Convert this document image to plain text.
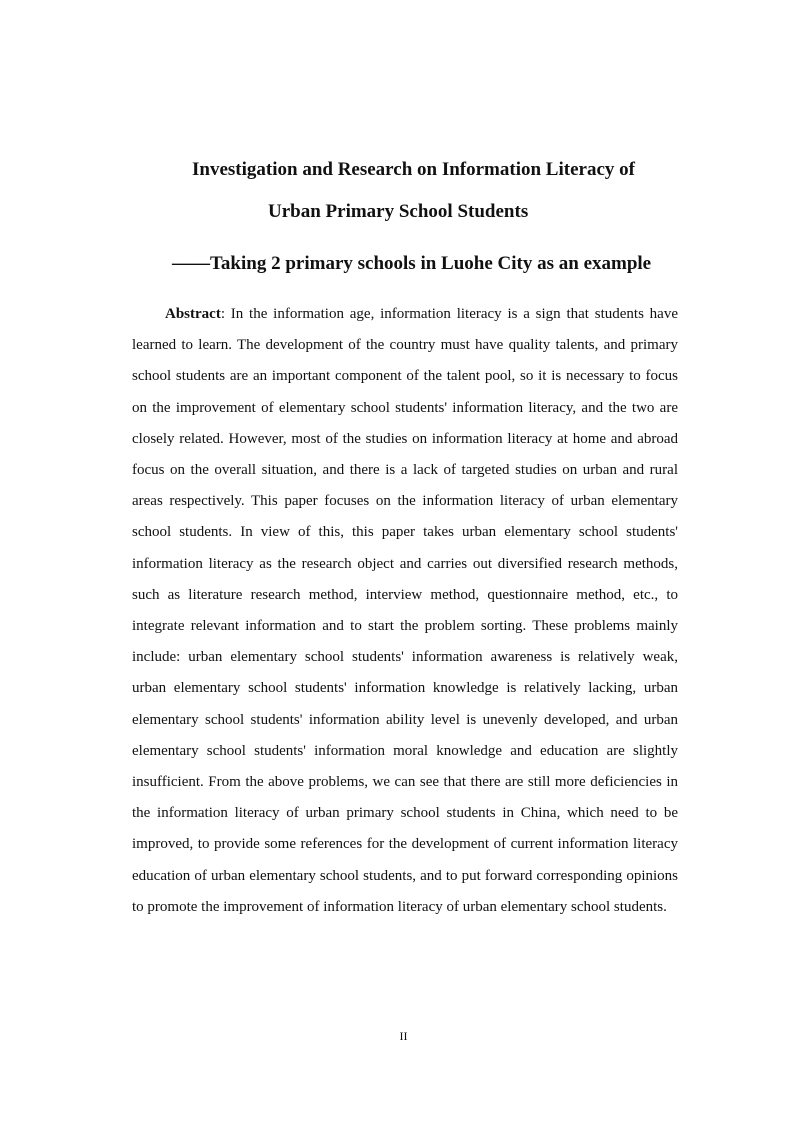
Investigation and Research on Information Literacy of
Urban Primary School Students
——Taking 2 primary schools in Luohe City as an example

Abstract: In the information age, information literacy is a sign that students have learned to learn. The development of the country must have quality talents, and primary school students are an important component of the talent pool, so it is necessary to focus on the improvement of elementary school students' information literacy, and the two are closely related. However, most of the studies on information literacy at home and abroad focus on the overall situation, and there is a lack of targeted studies on urban and rural areas respectively. This paper focuses on the information literacy of urban elementary school students. In view of this, this paper takes urban elementary school students' information literacy as the research object and carries out diversified research methods, such as literature research method, interview method, questionnaire method, etc., to integrate relevant information and to start the problem sorting. These problems mainly include: urban elementary school students' information awareness is relatively weak, urban elementary school students' information knowledge is relatively lacking, urban elementary school students' information ability level is unevenly developed, and urban elementary school students' information moral knowledge and education are slightly insufficient. From the above problems, we can see that there are still more deficiencies in the information literacy of urban primary school students in China, which need to be improved, to provide some references for the development of current information literacy education of urban elementary school students, and to put forward corresponding opinions to promote the improvement of information literacy of urban elementary school students.

II
